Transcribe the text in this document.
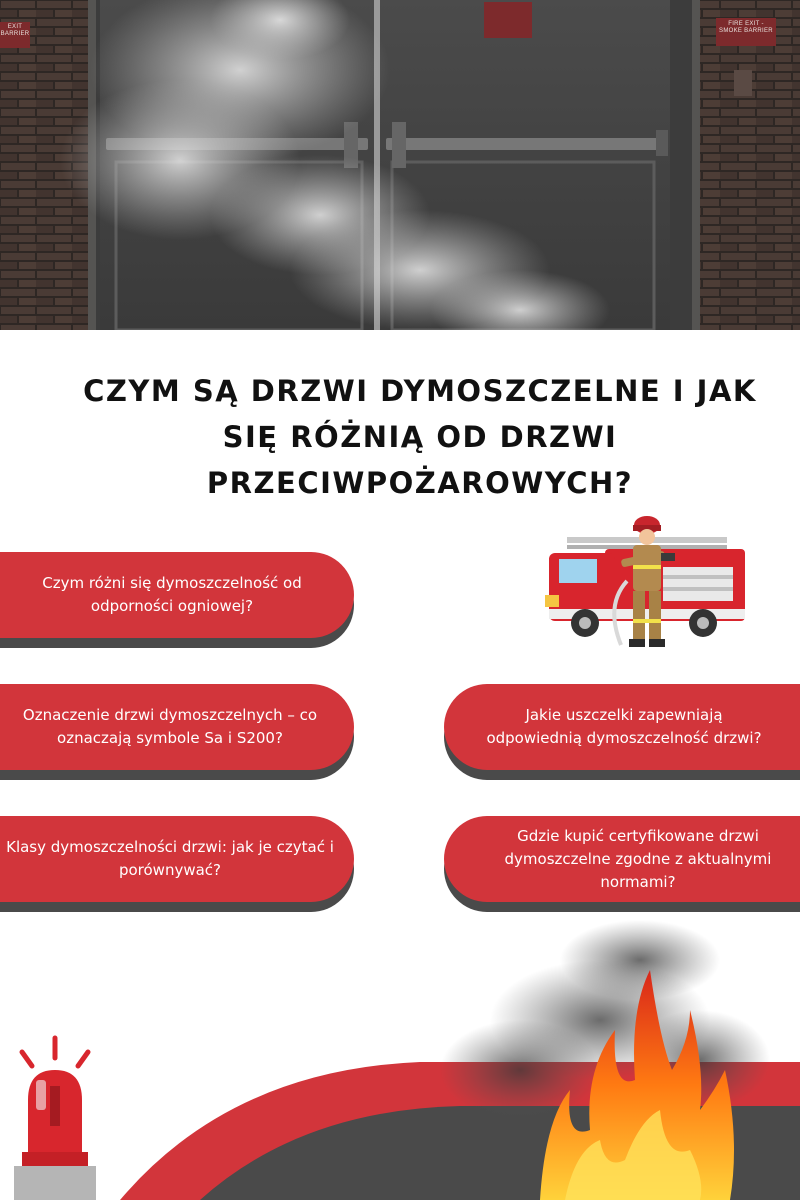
EXIT
BARRIER
FIRE EXIT -
SMOKE BARRIER
CZYM SĄ DRZWI DYMOSZCZELNE I JAK SIĘ RÓŻNIĄ OD DRZWI PRZECIWPOŻAROWYCH?
Czym różni się dymoszczelność od odporności ogniowej?
Oznaczenie drzwi dymoszczelnych – co oznaczają symbole Sa i S200?
Klasy dymoszczelności drzwi: jak je czytać i porównywać?
Jakie uszczelki zapewniają odpowiednią dymoszczelność drzwi?
Gdzie kupić certyfikowane drzwi dymoszczelne zgodne z aktualnymi normami?
